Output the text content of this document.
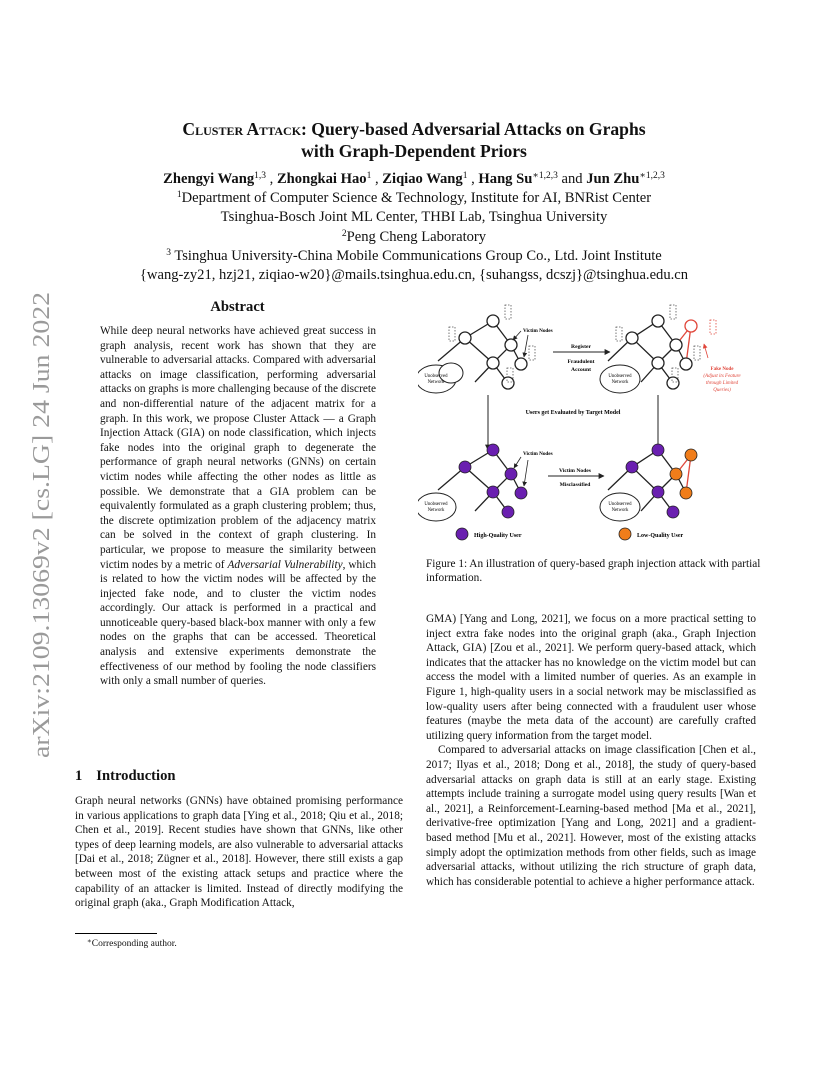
arXiv:2109.13069v2 [cs.LG] 24 Jun 2022
Cluster Attack: Query-based Adversarial Attacks on Graphs
with Graph-Dependent Priors
Zhengyi Wang$^{1,3}$ , Zhongkai Hao$^1$ , Ziqiao Wang$^1$ , Hang $Su^{∗1,2,3}$ and Jun Zhu$^{∗1,2,3}$
$^1$Department of Computer Science & Technology, Institute for AI, BNRist Center
Tsinghua-Bosch Joint ML Center, THBI Lab, Tsinghua University
$^2$Peng Cheng Laboratory
$^3$ Tsinghua University-China Mobile Communications Group Co., Ltd. Joint Institute
{wang-zy21, hzj21, ziqiao-w20}@mails.tsinghua.edu.cn, {suhangss, dcszj}@tsinghua.edu.cn
Abstract

While deep neural networks have achieved great success in graph analysis, recent work has shown that they are vulnerable to adversarial attacks. Compared with adversarial attacks on image classification, performing adversarial attacks on graphs is more challenging because of the discrete and non-differential nature of the adjacent matrix for a graph. In this work, we propose Cluster Attack — a Graph Injection Attack (GIA) on node classification, which injects fake nodes into the original graph to degenerate the performance of graph neural networks (GNNs) on certain victim nodes while affecting the other nodes as little as possible. We demonstrate that a GIA problem can be equivalently formulated as a graph clustering problem; thus, the discrete optimization problem of the adjacency matrix can be solved in the context of graph clustering. In particular, we propose to measure the similarity between victim nodes by a metric of Adversarial Vulnerability, which is related to how the victim nodes will be affected by the injected fake node, and to cluster the victim nodes accordingly. Our attack is performed in a practical and unnoticeable query-based black-box manner with only a few nodes on the graphs that can be accessed. Theoretical analysis and extensive experiments demonstrate the effectiveness of our method by fooling the node classifiers with only a small number of queries.

1 Introduction

Graph neural networks (GNNs) have obtained promising performance in various applications to graph data [Ying et al., 2018; Qiu et al., 2018; Chen et al., 2019]. Recent studies have shown that GNNs, like other types of deep learning models, are also vulnerable to adversarial attacks [Dai et al., 2018; Zügner et al., 2018]. However, there still exists a gap between most of the existing attack setups and practice where the capability of an attacker is limited. Instead of directly modifying the original graph (aka., Graph Modification Attack,

∗Corresponding author.
Unobserved
Network
Victim Nodes
Register
Fraudulent
Account
Unobserved
Network
Fake Node
(Adjust its Feature
through Limited
Queries)
Users get Evaluated by Target Model
Unobserved
Network
Victim Nodes
Victim Nodes
Misclassified
Unobserved
Network
High-Quality User	Low-Quality User
Figure 1: An illustration of query-based graph injection attack with partial information.

GMA) [Yang and Long, 2021], we focus on a more practical setting to inject extra fake nodes into the original graph (aka., Graph Injection Attack, GIA) [Zou et al., 2021]. We perform query-based attack, which indicates that the attacker has no knowledge on the victim model but can access the model with a limited number of queries. As an example in Figure 1, high-quality users in a social network may be misclassified as low-quality users after being connected with a fraudulent user whose features (maybe the meta data of the account) are carefully crafted utilizing query information from the target model.

Compared to adversarial attacks on image classification [Chen et al., 2017; Ilyas et al., 2018; Dong et al., 2018], the study of query-based adversarial attacks on graph data is still at an early stage. Existing attempts include training a surrogate model using query results [Wan et al., 2021], a Reinforcement-Learning-based method [Ma et al., 2021], derivative-free optimization [Yang and Long, 2021] and a gradient-based method [Mu et al., 2021]. However, most of the existing attacks simply adopt the optimization methods from other fields, such as image adversarial attacks, without utilizing the rich structure of graph data, which has considerable potential to achieve a higher performance attack.
